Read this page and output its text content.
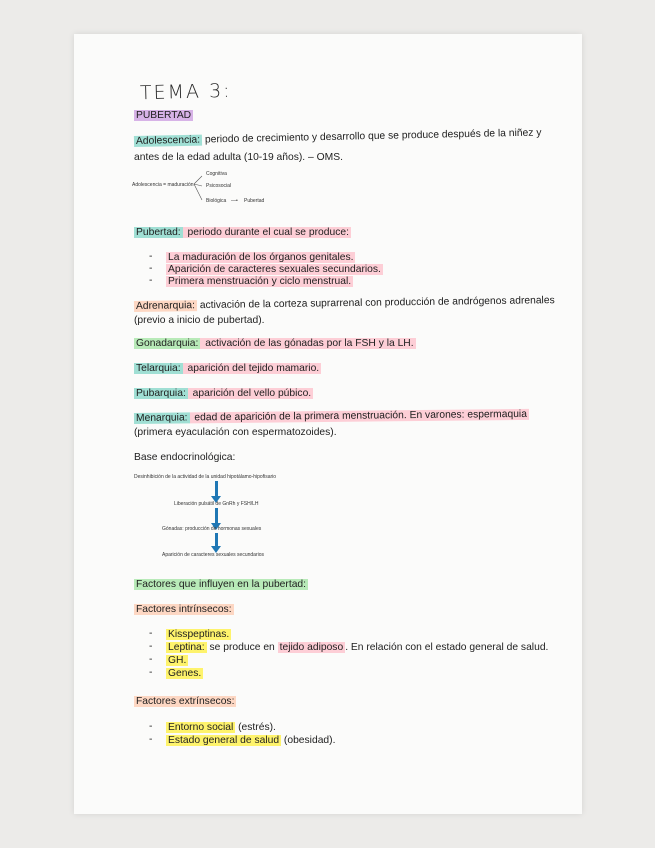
TEMA 3:
PUBERTAD
Adolescencia: periodo de crecimiento y desarrollo que se produce después de la niñez y
antes de la edad adulta (10-19 años). – OMS.
Adolescencia = maduración
Cognitiva
Psicosocial
Biológica —• Pubertad
Pubertad: periodo durante el cual se produce:
- La maduración de los órganos genitales.
- Aparición de caracteres sexuales secundarios.
- Primera menstruación y ciclo menstrual.
Adrenarquia: activación de la corteza suprarrenal con producción de andrógenos adrenales
(previo a inicio de pubertad).
Gonadarquia: activación de las gónadas por la FSH y la LH.
Telarquia: aparición del tejido mamario.
Pubarquia: aparición del vello púbico.
Menarquia: edad de aparición de la primera menstruación. En varones: espermaquia
(primera eyaculación con espermatozoides).
Base endocrinológica:
Desinhibición de la actividad de la unidad hipotálamo-hipofisario
Liberación pulsátil de GnRh y FSH/LH
Gónadas: producción de hormonas sexuales
Aparición de caracteres sexuales secundarios
Factores que influyen en la pubertad:
Factores intrínsecos:
- Kisspeptinas.
- Leptina: se produce en tejido adiposo . En relación con el estado general de salud.
- GH.
- Genes.
Factores extrínsecos:
- Entorno social (estrés).
- Estado general de salud (obesidad).
